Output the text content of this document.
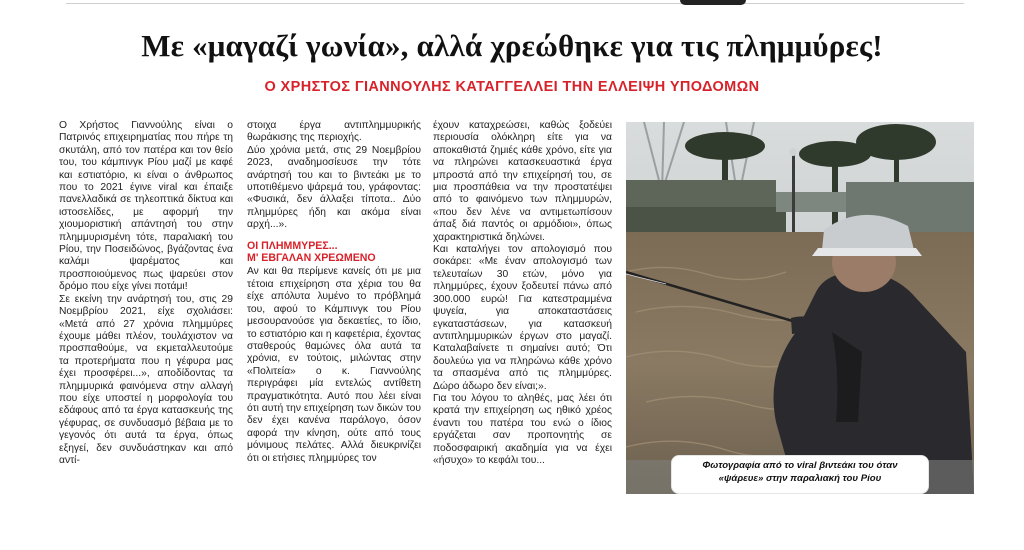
Με «μαγαζί γωνία», αλλά χρεώθηκε για τις πλημμύρες!
Ο ΧΡΗΣΤΟΣ ΓΙΑΝΝΟΥΛΗΣ ΚΑΤΑΓΓΕΛΛΕΙ ΤΗΝ ΕΛΛΕΙΨΗ ΥΠΟΔΟΜΩΝ

Ο Χρήστος Γιαννούλης είναι ο Πατρινός επιχειρηματίας που πήρε τη σκυτάλη, από τον πατέρα και τον θείο του, του κάμπινγκ Ρίου μαζί με καφέ και εστιατόριο, κι είναι ο άνθρωπος που το 2021 έγινε viral και έπαιξε πανελλαδικά σε τηλεοπτικά δίκτυα και ιστοσελίδες, με αφορμή την χιουμοριστική απάντησή του στην πλημμυρισμένη τότε, παραλιακή του Ρίου, την Ποσειδώνος, βγάζοντας ένα καλάμι ψαρέματος και προσποιούμενος πως ψαρεύει στον δρόμο που είχε γίνει ποτάμι!

Σε εκείνη την ανάρτησή του, στις 29 Νοεμβρίου 2021, είχε σχολιάσει: «Μετά από 27 χρόνια πλημμύρες έχουμε μάθει πλέον, τουλάχιστον να προσπαθούμε, να εκμεταλλευτούμε τα προτερήματα που η γέφυρα μας έχει προσφέρει...», αποδίδοντας τα πλημμυρικά φαινόμενα στην αλλαγή που είχε υποστεί η μορφολογία του εδάφους από τα έργα κατασκευής της γέφυρας, σε συνδυασμό βέβαια με το γεγονός ότι αυτά τα έργα, όπως εξηγεί, δεν συνδυάστηκαν και από αντί-

στοιχα έργα αντιπλημμυρικής θωράκισης της περιοχής.

Δύο χρόνια μετά, στις 29 Νοεμβρίου 2023, αναδημοσίευσε την τότε ανάρτησή του και το βιντεάκι με το υποτιθέμενο ψάρεμά του, γράφοντας: «Φυσικά, δεν άλλαξει τίποτα.. Δύο πλημμύρες ήδη και ακόμα είναι αρχή...».

ΟΙ ΠΛΗΜΜΥΡΕΣ...
Μ' ΕΒΓΑΛΑΝ ΧΡΕΩΜΕΝΟ

Αν και θα περίμενε κανείς ότι με μια τέτοια επιχείρηση στα χέρια του θα είχε απόλυτα λυμένο το πρόβλημά του, αφού το Κάμπινγκ του Ρίου μεσουρανούσε για δεκαετίες, το ίδιο, το εστιατόριο και η καφετέρια, έχοντας σταθερούς θαμώνες όλα αυτά τα χρόνια, εν τούτοις, μιλώντας στην «Πολιτεία» ο κ. Γιαννούλης περιγράφει μία εντελώς αντίθετη πραγματικότητα. Αυτό που λέει είναι ότι αυτή την επιχείρηση των δικών του δεν έχει κανένα παράλογο, όσον αφορά την κίνηση, ούτε από τους μόνιμους πελάτες. Αλλά διευκρινίζει ότι οι ετήσιες πλημμύρες τον

έχουν καταχρεώσει, καθώς ξοδεύει περιουσία ολόκληρη είτε για να αποκαθιστά ζημιές κάθε χρόνο, είτε για να πληρώνει κατασκευαστικά έργα μπροστά από την επιχείρησή του, σε μια προσπάθεια να την προστατέψει από το φαινόμενο των πλημμυρών, «που δεν λένε να αντιμετωπίσουν άπαξ διά παντός οι αρμόδιοι», όπως χαρακτηριστικά δηλώνει.

Και καταλήγει τον απολογισμό που σοκάρει: «Με έναν απολογισμό των τελευταίων 30 ετών, μόνο για πλημμύρες, έχουν ξοδευτεί πάνω από 300.000 ευρώ! Για κατεστραμμένα ψυγεία, για αποκαταστάσεις εγκαταστάσεων, για κατασκευή αντιπλημμυρικών έργων στο μαγαζί. Καταλαβαίνετε τι σημαίνει αυτό; Ότι δουλεύω για να πληρώνω κάθε χρόνο τα σπασμένα από τις πλημμύρες. Δώρο άδωρο δεν είναι;».

Για του λόγου το αληθές, μας λέει ότι κρατά την επιχείρηση ως ηθικό χρέος έναντι του πατέρα του ενώ ο ίδιος εργάζεται σαν προπονητής σε ποδοσφαιρική ακαδημία για να έχει «ήσυχο» το κεφάλι του...	Φωτογραφία από το viral βιντεάκι του όταν
«ψάρευε» στην παραλιακή του Ρίου
